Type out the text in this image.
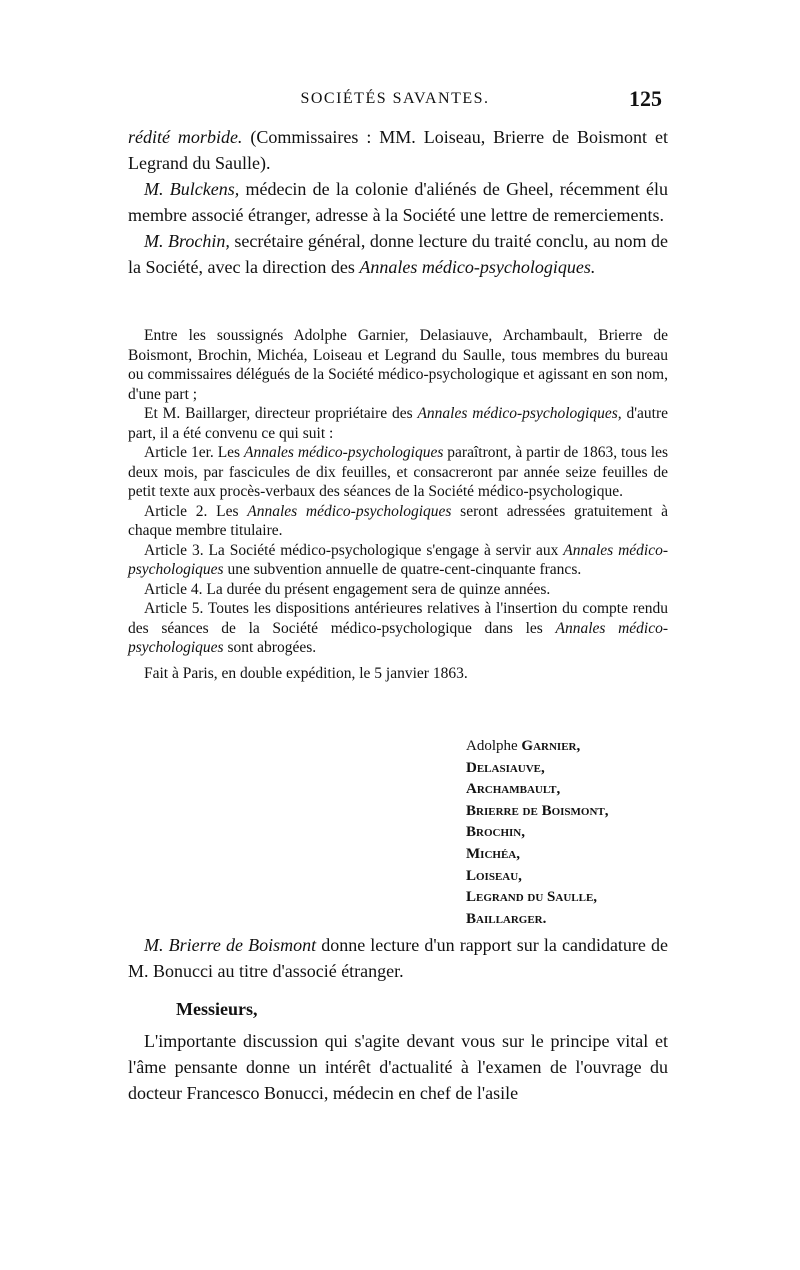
SOCIÉTÉS SAVANTES.	125

rédité morbide. (Commissaires : MM. Loiseau, Brierre de Boismont et Legrand du Saulle).

M. Bulckens, médecin de la colonie d'aliénés de Gheel, récemment élu membre associé étranger, adresse à la Société une lettre de remerciements.

M. Brochin, secrétaire général, donne lecture du traité conclu, au nom de la Société, avec la direction des Annales médico-psychologiques.

Entre les soussignés Adolphe Garnier, Delasiauve, Archambault, Brierre de Boismont, Brochin, Michéa, Loiseau et Legrand du Saulle, tous membres du bureau ou commissaires délégués de la Société médico-psychologique et agissant en son nom, d'une part ;

Et M. Baillarger, directeur propriétaire des Annales médico-psychologiques, d'autre part, il a été convenu ce qui suit :

Article 1er. Les Annales médico-psychologiques paraîtront, à partir de 1863, tous les deux mois, par fascicules de dix feuilles, et consacreront par année seize feuilles de petit texte aux procès-verbaux des séances de la Société médico-psychologique.

Article 2. Les Annales médico-psychologiques seront adressées gratuitement à chaque membre titulaire.

Article 3. La Société médico-psychologique s'engage à servir aux Annales médico-psychologiques une subvention annuelle de quatre-cent-cinquante francs.

Article 4. La durée du présent engagement sera de quinze années.

Article 5. Toutes les dispositions antérieures relatives à l'insertion du compte rendu des séances de la Société médico-psychologique dans les Annales médico-psychologiques sont abrogées.

Fait à Paris, en double expédition, le 5 janvier 1863.

Adolphe Garnier,
Delasiauve,
Archambault,
Brierre de Boismont,
Brochin,
Michéa,
Loiseau,
Legrand du Saulle,
Baillarger.

M. Brierre de Boismont donne lecture d'un rapport sur la candidature de M. Bonucci au titre d'associé étranger.

Messieurs,

L'importante discussion qui s'agite devant vous sur le principe vital et l'âme pensante donne un intérêt d'actualité à l'examen de l'ouvrage du docteur Francesco Bonucci, médecin en chef de l'asile
